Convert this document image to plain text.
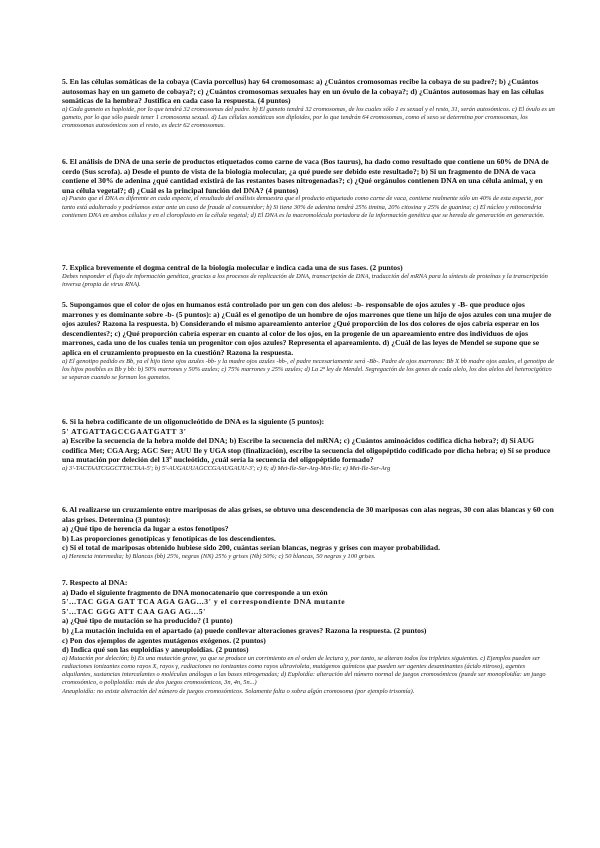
5. En las células somáticas de la cobaya (Cavia porcellus) hay 64 cromosomas: a) ¿Cuántos cromosomas recibe la cobaya de su padre?; b) ¿Cuántos autosomas hay en un gameto de cobaya?; c) ¿Cuántos cromosomas sexuales hay en un óvulo de la cobaya?; d) ¿Cuántos autosomas hay en las células somáticas de la hembra? Justifica en cada caso la respuesta. (4 puntos)

a) Cada gameto es haploide, por lo que tendrá 32 cromosomas del padre. b) El gameto tendrá 32 cromosomas, de los cuales sólo 1 es sexual y el resto, 31, serán autosómicos. c) El óvulo es un gameto, por lo que sólo puede tener 1 cromosoma sexual. d) Las células somáticas son diploides, por lo que tendrán 64 cromosomas, como el sexo se determina por cromosomas, los cromosomas autosómicos son el resto, es decir 62 cromosomas.

6. El análisis de DNA de una serie de productos etiquetados como carne de vaca (Bos taurus), ha dado como resultado que contiene un 60% de DNA de cerdo (Sus scrofa). a) Desde el punto de vista de la biología molecular, ¿a qué puede ser debido este resultado?; b) Si un fragmento de DNA de vaca contiene el 30% de adenina ¿qué cantidad existirá de las restantes bases nitrogenadas?; c) ¿Qué orgánulos contienen DNA en una célula animal, y en una célula vegetal?; d) ¿Cuál es la principal función del DNA? (4 puntos)

a) Puesto que el DNA es diferente en cada especie, el resultado del análisis demuestra que el producto etiquetado como carne de vaca, contiene realmente sólo un 40% de esta especie, por tanto está adulterado y podríamos estar ante un caso de fraude al consumidor; b) Si tiene 30% de adenina tendrá 25% timina, 20% citosina y 25% de guanina; c) El núcleo y mitocondria contienen DNA en ambos células y en el cloroplasto en la célula vegetal; d) El DNA es la macromolécula portadora de la información genética que se hereda de generación en generación.

7. Explica brevemente el dogma central de la biología molecular e indica cada una de sus fases. (2 puntos)

Debes responder el flujo de información genética, gracias a los procesos de replicación de DNA, transcripción de DNA, traducción del mRNA para la síntesis de proteínas y la transcripción inversa (propia de virus RNA).

5. Supongamos que el color de ojos en humanos está controlado por un gen con dos alelos: -b- responsable de ojos azules y -B- que produce ojos marrones y es dominante sobre -b- (5 puntos): a) ¿Cuál es el genotipo de un hombre de ojos marrones que tiene un hijo de ojos azules con una mujer de ojos azules? Razona la respuesta. b) Considerando el mismo apareamiento anterior ¿Qué proporción de los dos colores de ojos cabría esperar en los descendientes?; c) ¿Qué proporción cabría esperar en cuanto al color de los ojos, en la progenie de un apareamiento entre dos individuos de ojos marrones, cada uno de los cuales tenía un progenitor con ojos azules? Representa el apareamiento. d) ¿Cuál de las leyes de Mendel se supone que se aplica en el cruzamiento propuesto en la cuestión? Razona la respuesta.

a) El genotipo pedido es Bb, ya el hijo tiene ojos azules -bb- y la madre ojos azules -bb-, el padre necesariamente será -Bb-. Padre de ojos marrones: Bb X bb madre ojos azules, el genotipo de los hijos posibles es Bb y bb: b) 50% marrones y 50% azules; c) 75% marrones y 25% azules; d) La 2ª ley de Mendel. Segregación de los genes de cada alelo, los dos alelos del heterocigótico se separan cuando se forman los gametos.

6. Si la hebra codificante de un oligonucleótido de DNA es la siguiente (5 puntos):

5' ATGATTAGCCGAATGATT 3'

a) Escribe la secuencia de la hebra molde del DNA; b) Escribe la secuencia del mRNA; c) ¿Cuántos aminoácidos codifica dicha hebra?; d) Si AUG codifica Met; CGA Arg; AGC Ser; AUU Ile y UGA stop (finalización), escribe la secuencia del oligopéptido codificado por dicha hebra; e) Si se produce una mutación por deleción del 13º nucleótido, ¿cuál sería la secuencia del oligopéptido formado?

a) 3'-TACTAATCGGCTTACTAA-5'; b) 5'-AUGAUUAGCCGAAUGAUU-3'; c) 6; d) Met-Ile-Ser-Arg-Met-Ile; e) Met-Ile-Ser-Arg

6. Al realizarse un cruzamiento entre mariposas de alas grises, se obtuvo una descendencia de 30 mariposas con alas negras, 30 con alas blancas y 60 con alas grises. Determina (3 puntos):

a) ¿Qué tipo de herencia da lugar a estos fenotipos?

b) Las proporciones genotípicas y fenotípicas de los descendientes.

c) Si el total de mariposas obtenido hubiese sido 200, cuántas serían blancas, negras y grises con mayor probabilidad.

a) Herencia intermedia; b) Blancas (bb) 25%, negras (NN) 25% y grises (Nb) 50%; c) 50 blancas, 50 negras y 100 grises.

7. Respecto al DNA:

a) Dado el siguiente fragmento de DNA monocatenario que corresponde a un exón

5'...TAC GGA GAT TCA AGA GAG...3' y el correspondiente DNA mutante

5'...TAC GGG ATT CAA GAG AG...5'

a) ¿Qué tipo de mutación se ha producido? (1 punto)

b) ¿La mutación incluida en el apartado (a) puede conllevar alteraciones graves? Razona la respuesta. (2 puntos)

c) Pon dos ejemplos de agentes mutágenos exógenos. (2 puntos)

d) Indica qué son las euploidías y aneuploidías. (2 puntos)

a) Mutación por deleción; b) Es una mutación grave, ya que se produce un corrimiento en el orden de lectura y, por tanto, se alteran todos los tripletes siguientes. c) Ejemplos pueden ser radiaciones ionizantes como rayos X, rayos γ, radiaciones no ionizantes como rayos ultravioleta, mutágenos químicos que pueden ser agentes desaminantes (ácido nitroso), agentes alquilantes, sustancias intercalantes o moléculas análogas a las bases nitrogenadas; d) Euploidía: alteración del número normal de juegos cromosómicos (puede ser monoploidía: un juego cromosómico, o poliploidía: más de dos juegos cromosómicos, 3n, 4n, 5n...)

Aneuploidía: no existe alteración del número de juegos cromosómicos. Solamente falta o sobra algún cromosoma (por ejemplo trisomía).
